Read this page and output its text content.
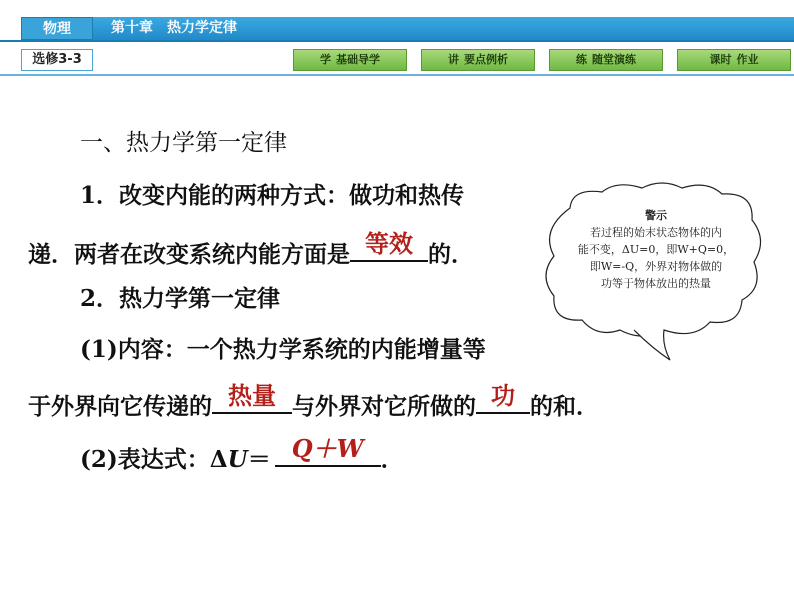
物理	第十章 热力学定律
选修3-3	学 基础导学	讲 要点例析	练 随堂演练	课时 作业
一、热力学第一定律
1．改变内能的两种方式：做功和热传
递．两者在改变系统内能方面是 等效 的．
2．热力学第一定律
(1)内容：一个热力学系统的内能增量等
于外界向它传递的 热量 与外界对它所做的 功 的和．
(2)表达式：ΔU＝ Q＋W ．
警示
若过程的始末状态物体的内
能不变，ΔU=0，即W+Q=0，
即W=-Q，外界对物体做的
功等于物体放出的热量
